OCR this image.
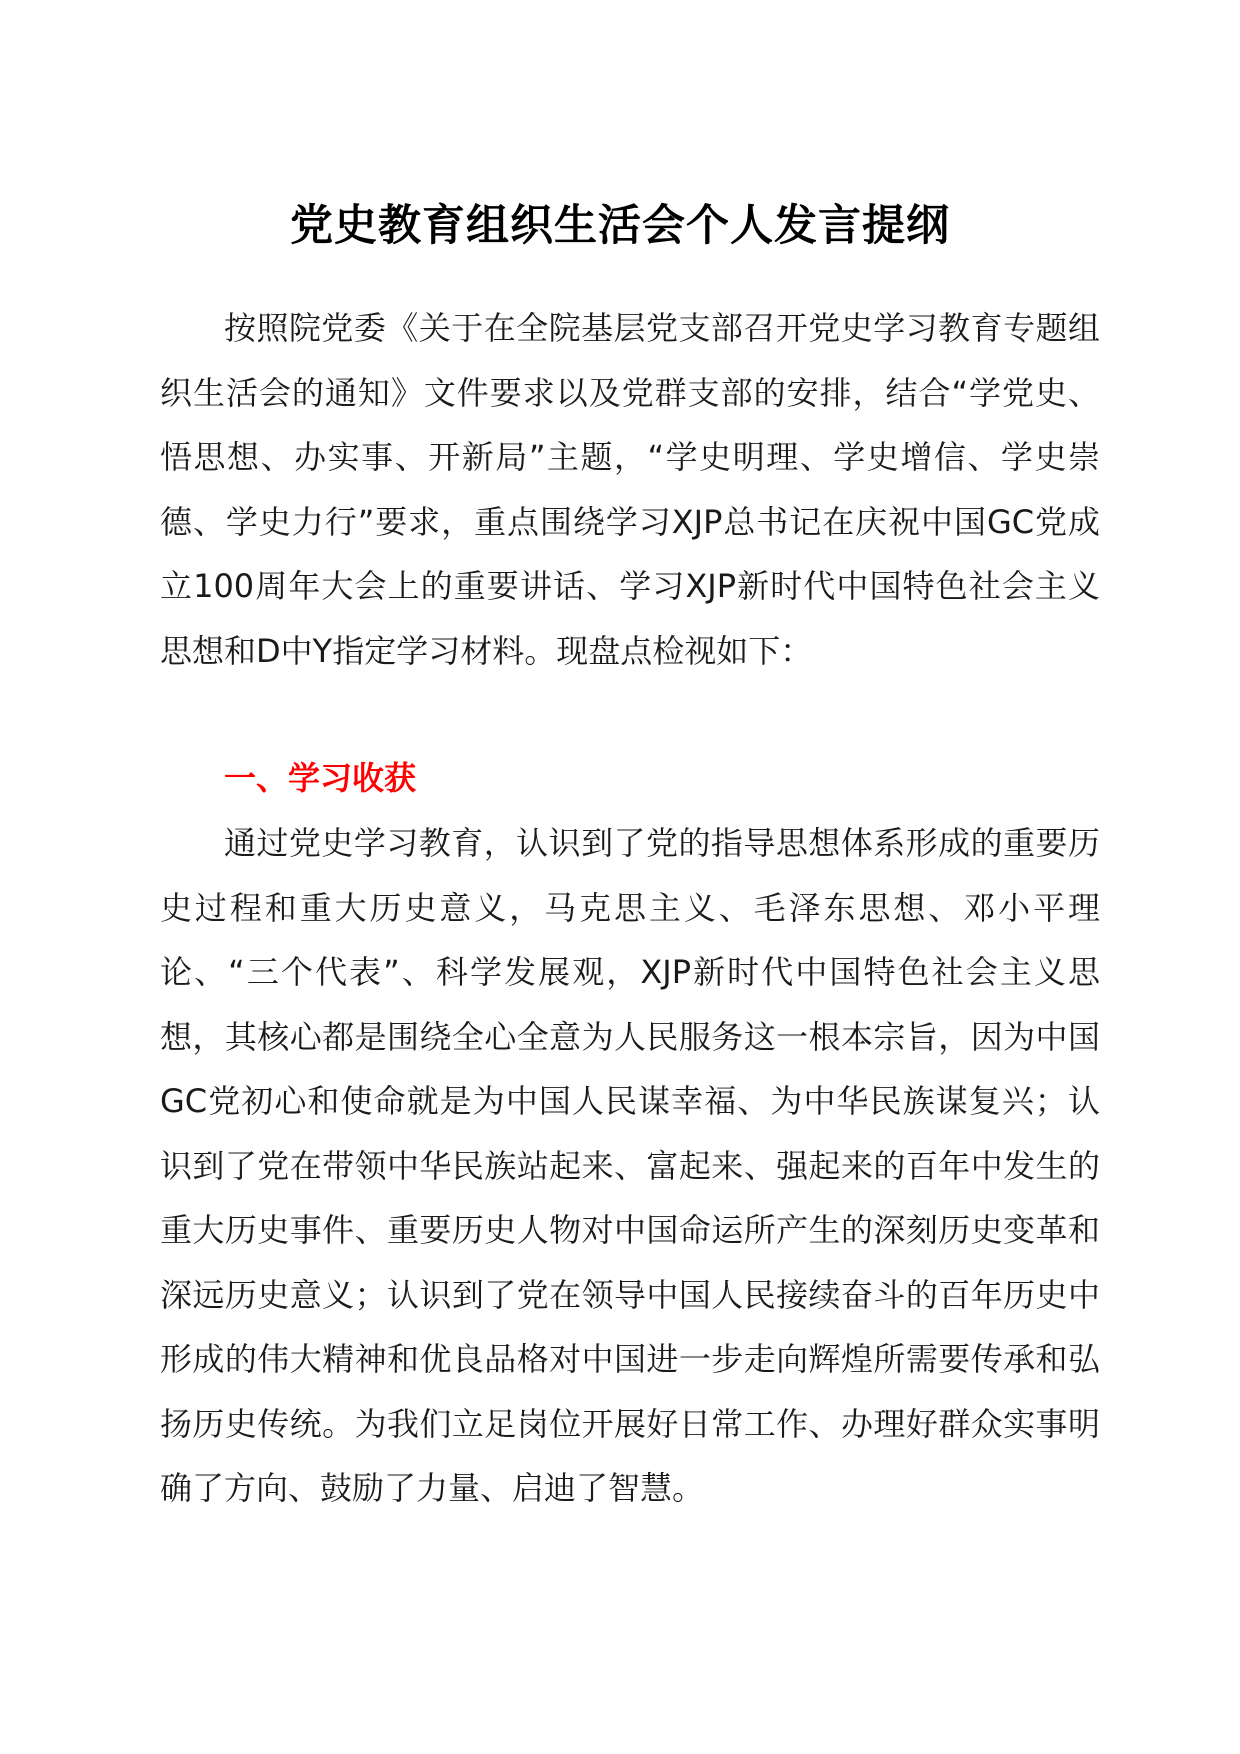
党史教育组织生活会个人发言提纲

按照院党委《关于在全院基层党支部召开党史学习教育专题组织生活会的通知》文件要求以及党群支部的安排，结合“学党史、悟思想、办实事、开新局”主题，“学史明理、学史增信、学史崇德、学史力行”要求，重点围绕学习XJP总书记在庆祝中国GC党成立100周年大会上的重要讲话、学习XJP新时代中国特色社会主义思想和D中Y指定学习材料。现盘点检视如下：

一、学习收获

通过党史学习教育，认识到了党的指导思想体系形成的重要历史过程和重大历史意义，马克思主义、毛泽东思想、邓小平理论、“三个代表”、科学发展观，XJP新时代中国特色社会主义思想，其核心都是围绕全心全意为人民服务这一根本宗旨，因为中国GC党初心和使命就是为中国人民谋幸福、为中华民族谋复兴；认识到了党在带领中华民族站起来、富起来、强起来的百年中发生的重大历史事件、重要历史人物对中国命运所产生的深刻历史变革和深远历史意义；认识到了党在领导中国人民接续奋斗的百年历史中形成的伟大精神和优良品格对中国进一步走向辉煌所需要传承和弘扬历史传统。为我们立足岗位开展好日常工作、办理好群众实事明确了方向、鼓励了力量、启迪了智慧。
